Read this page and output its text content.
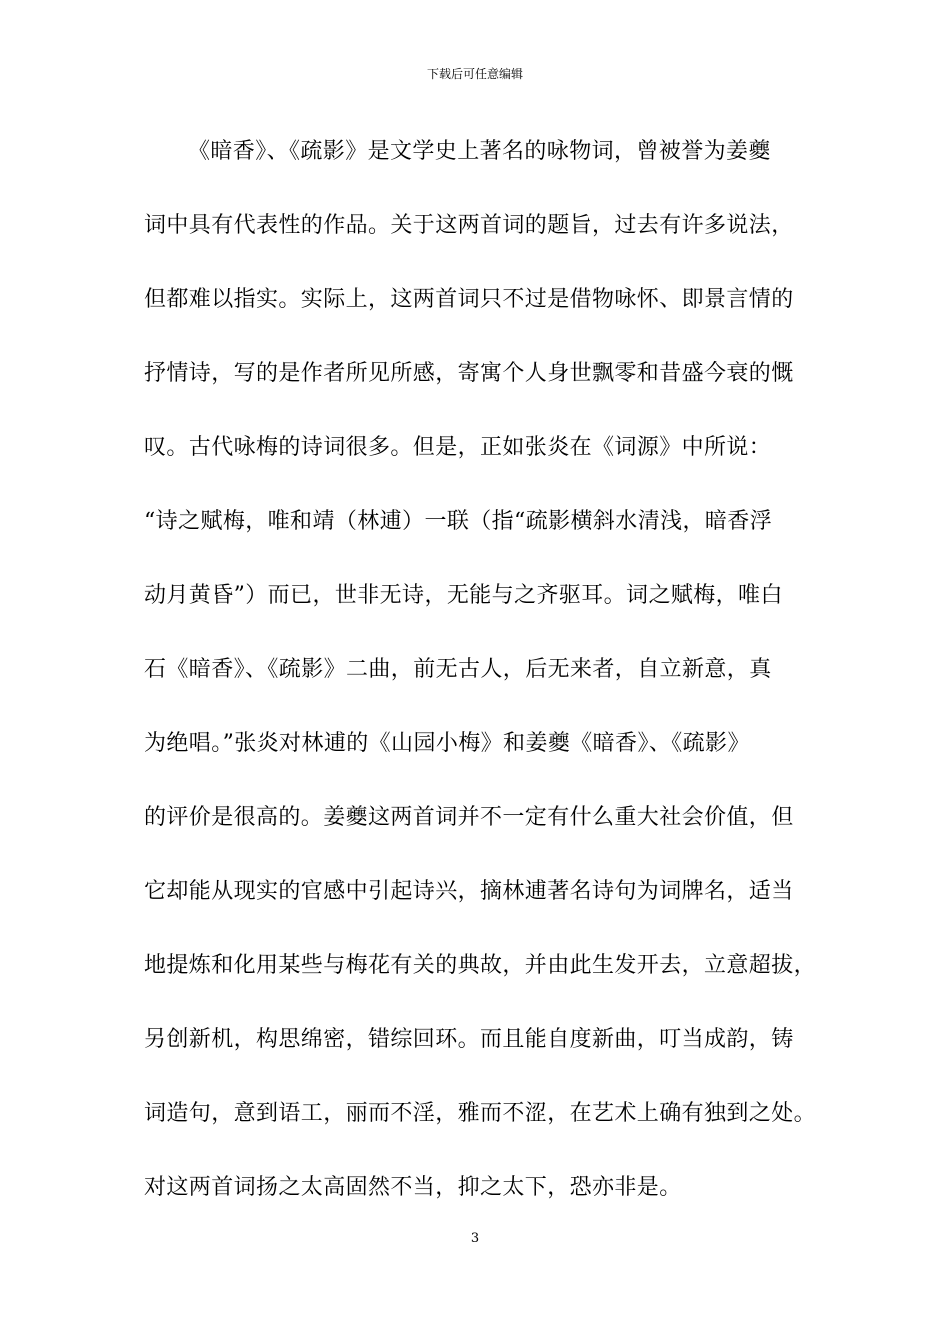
下载后可任意编辑
《暗香》、《疏影》是文学史上著名的咏物词，曾被誉为姜夔
词中具有代表性的作品。关于这两首词的题旨，过去有许多说法，
但都难以指实。实际上，这两首词只不过是借物咏怀、即景言情的
抒情诗，写的是作者所见所感，寄寓个人身世飘零和昔盛今衰的慨
叹。古代咏梅的诗词很多。但是，正如张炎在《词源》中所说：
“诗之赋梅，唯和靖（林逋）一联（指“疏影横斜水清浅，暗香浮
动月黄昏”）而已，世非无诗，无能与之齐驱耳。词之赋梅，唯白
石《暗香》、《疏影》二曲，前无古人，后无来者，自立新意，真
为绝唱。”张炎对林逋的《山园小梅》和姜夔《暗香》、《疏影》
的评价是很高的。姜夔这两首词并不一定有什么重大社会价值，但
它却能从现实的官感中引起诗兴，摘林逋著名诗句为词牌名，适当
地提炼和化用某些与梅花有关的典故，并由此生发开去，立意超拔，
另创新机，构思绵密，错综回环。而且能自度新曲，叮当成韵，铸
词造句，意到语工，丽而不淫，雅而不涩，在艺术上确有独到之处。
对这两首词扬之太高固然不当，抑之太下，恐亦非是。
3
